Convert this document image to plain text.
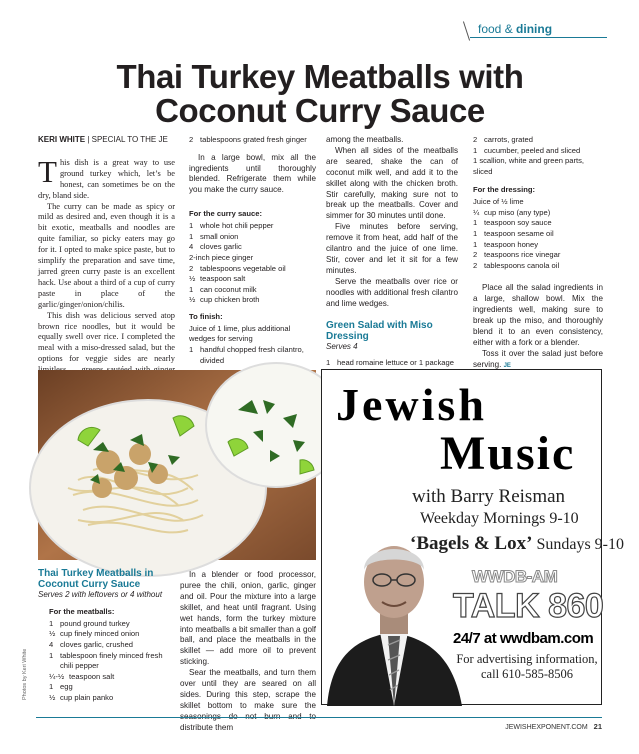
food & dining
Thai Turkey Meatballs with
Coconut Curry Sauce
KERI WHITE | SPECIAL TO THE JE
This dish is a great way to use ground turkey which, let’s be honest, can sometimes be on the dry, bland side.
The curry can be made as spicy or mild as desired and, even though it is a bit exotic, meatballs and noodles are quite familiar, so picky eaters may go for it. I opted to make spice paste, but to simplify the preparation and save time, jarred green curry paste is an excellent hack. Use about a third of a cup of curry paste in place of the garlic/ginger/onion/chilis.
This dish was delicious served atop brown rice noodles, but it would be equally swell over rice. I completed the meal with a miso-dressed salad, but the options for veggie sides are nearly
2 tablespoons grated fresh ginger
In a large bowl, mix all the ingredients until thoroughly blended. Refrigerate them while you make the curry sauce.
For the curry sauce:
1 whole hot chili pepper
1 small onion
4 cloves garlic
2-inch piece ginger
2 tablespoons vegetable oil
½ teaspoon salt
1 can coconut milk
½ cup chicken broth
To finish:
Juice of 1 lime, plus additional wedges for serving
1 handful chopped fresh cilantro, divided
among the meatballs.
When all sides of the meatballs are seared, shake the can of coconut milk well, and add it to the skillet along with the chicken broth. Stir carefully, making sure not to break up the meatballs. Cover and simmer for 30 minutes until done.
Five minutes before serving, remove it from heat, add half of the cilantro and the juice of one lime. Stir, cover and let it sit for a few minutes.
Serve the meatballs over rice or noodles with additional fresh cilantro and lime wedges.
Green Salad with Miso Dressing
Serves 4
1 head romaine lettuce or 1 package
2 carrots, grated
1 cucumber, peeled and sliced
1 scallion, white and green parts, sliced
For the dressing:
Juice of ½ lime
¼ cup miso (any type)
1 teaspoon soy sauce
1 teaspoon sesame oil
1 teaspoon honey
2 teaspoons rice vinegar
2 tablespoons canola oil
Place all the salad ingredients in a large, shallow bowl. Mix the ingredients well, making sure to break up the miso, and thoroughly blend it to an even consistency, either with a fork or a blender.
Toss it over the salad just before serving. JE
Photos by Keri White
Thai Turkey Meatballs in Coconut Curry Sauce
Serves 2 with leftovers or 4 without
For the meatballs:
1 pound ground turkey
½ cup finely minced onion
4 cloves garlic, crushed
1 tablespoon finely minced fresh chili pepper
¼-½ teaspoon salt
1 egg
½ cup plain panko
In a blender or food processor, puree the chili, onion, garlic, ginger and oil. Pour the mixture into a large skillet, and heat until fragrant. Using wet hands, form the turkey mixture into meatballs a bit smaller than a golf ball, and place the meatballs in the skillet — add more oil to prevent sticking.
Sear the meatballs, and turn them over until they are seared on all sides. During this step, scrape the skillet bottom to make sure the distribute them
Jewish
Music
with Barry Reisman
Weekday Mornings 9-10
‘Bagels & Lox’ Sundays 9-10
WWDB-AM
TALK 860
24/7 at wwdbam.com
For advertising information,
call 610-585-8506
JEWISHEXPONENT.COM 21
